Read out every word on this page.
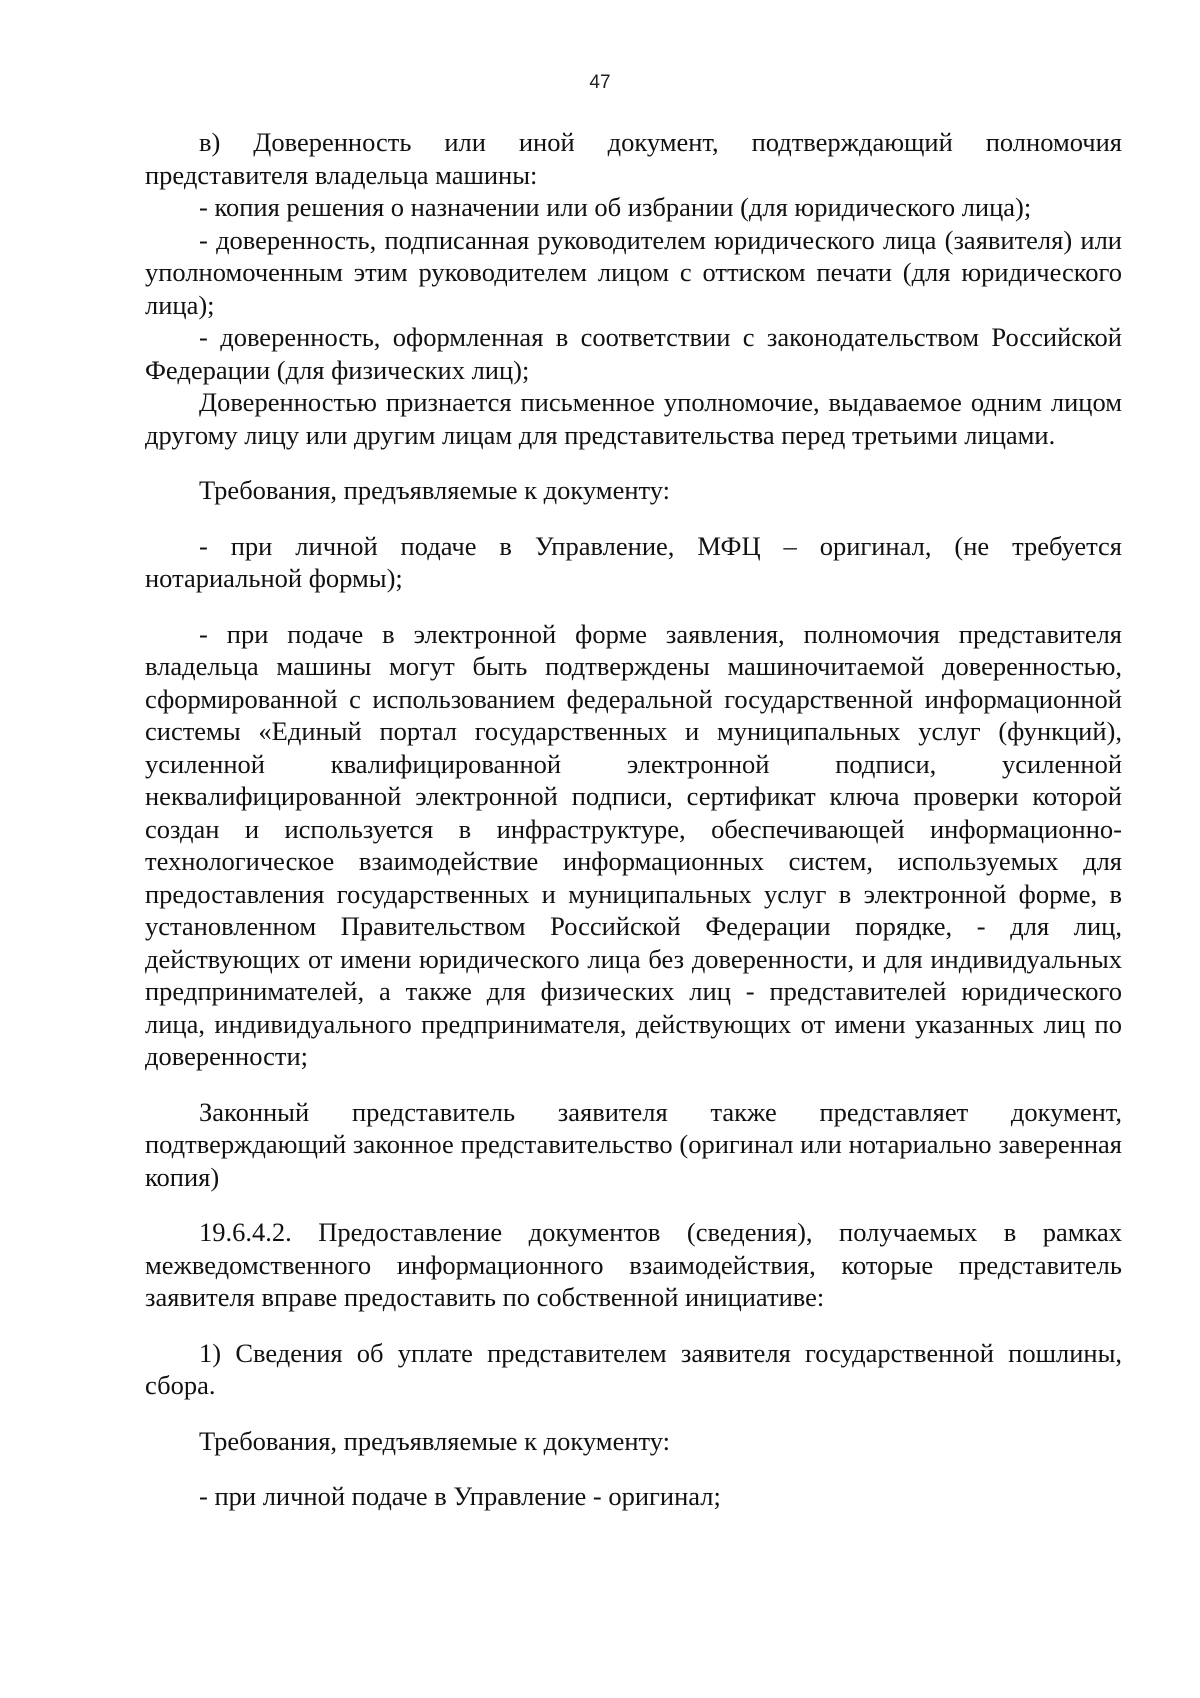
47

в) Доверенность или иной документ, подтверждающий полномочия представителя владельца машины:

- копия решения о назначении или об избрании (для юридического лица);

- доверенность, подписанная руководителем юридического лица (заявителя) или уполномоченным этим руководителем лицом с оттиском печати (для юридического лица);

- доверенность, оформленная в соответствии с законодательством Российской Федерации (для физических лиц);

Доверенностью признается письменное уполномочие, выдаваемое одним лицом другому лицу или другим лицам для представительства перед третьими лицами.

Требования, предъявляемые к документу:

- при личной подаче в Управление, МФЦ – оригинал, (не требуется нотариальной формы);

- при подаче в электронной форме заявления, полномочия представителя владельца машины могут быть подтверждены машиночитаемой доверенностью, сформированной с использованием федеральной государственной информационной системы «Единый портал государственных и муниципальных услуг (функций), усиленной квалифицированной электронной подписи, усиленной неквалифицированной электронной подписи, сертификат ключа проверки которой создан и используется в инфраструктуре, обеспечивающей информационно-технологическое взаимодействие информационных систем, используемых для предоставления государственных и муниципальных услуг в электронной форме, в установленном Правительством Российской Федерации порядке, - для лиц, действующих от имени юридического лица без доверенности, и для индивидуальных предпринимателей, а также для физических лиц - представителей юридического лица, индивидуального предпринимателя, действующих от имени указанных лиц по доверенности;

Законный представитель заявителя также представляет документ, подтверждающий законное представительство (оригинал или нотариально заверенная копия)

19.6.4.2. Предоставление документов (сведения), получаемых в рамках межведомственного информационного взаимодействия, которые представитель заявителя вправе предоставить по собственной инициативе:

1) Сведения об уплате представителем заявителя государственной пошлины, сбора.

Требования, предъявляемые к документу:

- при личной подаче в Управление - оригинал;
